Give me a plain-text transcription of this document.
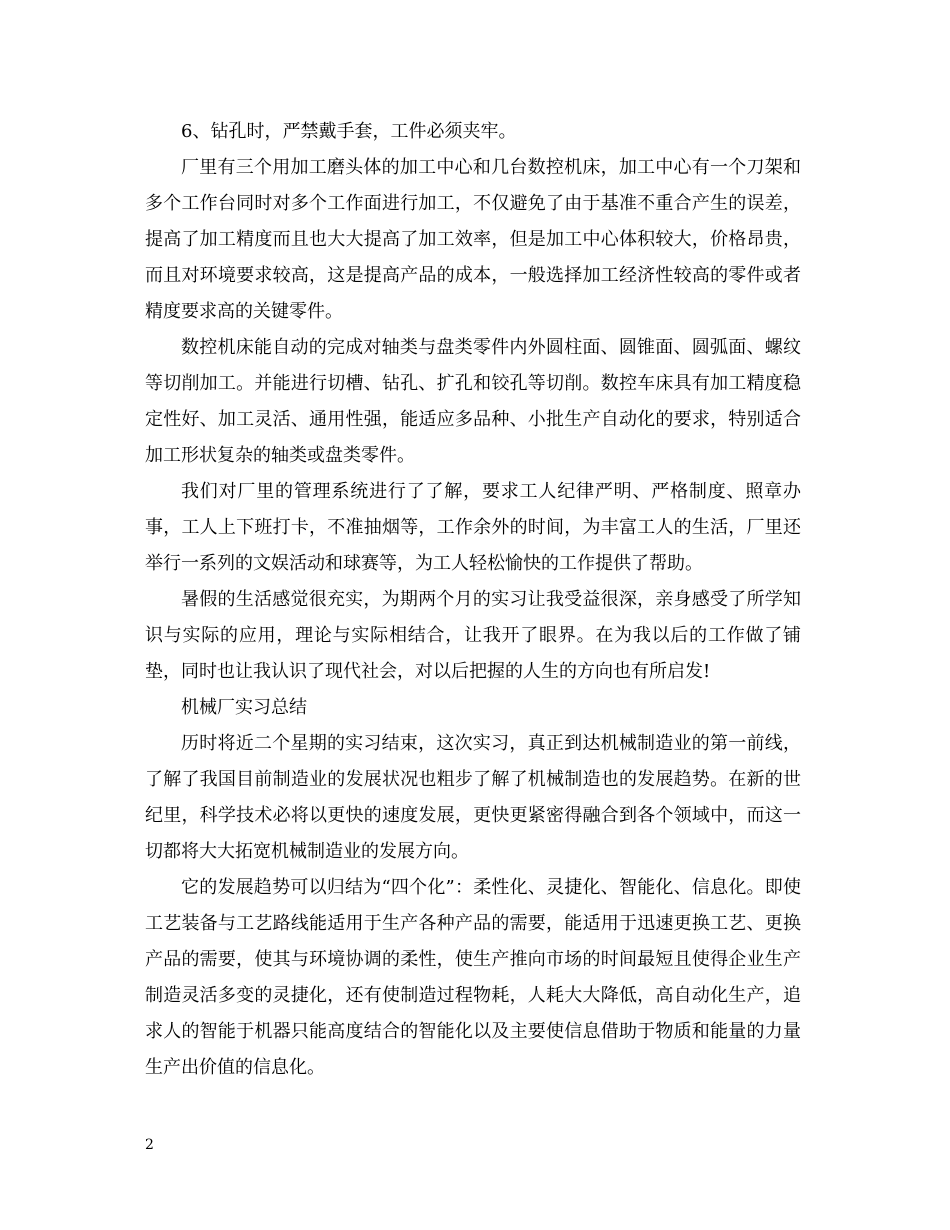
6、钻孔时，严禁戴手套，工件必须夹牢。

厂里有三个用加工磨头体的加工中心和几台数控机床，加工中心有一个刀架和多个工作台同时对多个工作面进行加工，不仅避免了由于基准不重合产生的误差，提高了加工精度而且也大大提高了加工效率，但是加工中心体积较大，价格昂贵，而且对环境要求较高，这是提高产品的成本，一般选择加工经济性较高的零件或者精度要求高的关键零件。

数控机床能自动的完成对轴类与盘类零件内外圆柱面、圆锥面、圆弧面、螺纹等切削加工。并能进行切槽、钻孔、扩孔和铰孔等切削。数控车床具有加工精度稳定性好、加工灵活、通用性强，能适应多品种、小批生产自动化的要求，特别适合加工形状复杂的轴类或盘类零件。

我们对厂里的管理系统进行了了解，要求工人纪律严明、严格制度、照章办事，工人上下班打卡，不准抽烟等，工作余外的时间，为丰富工人的生活，厂里还举行一系列的文娱活动和球赛等，为工人轻松愉快的工作提供了帮助。

暑假的生活感觉很充实，为期两个月的实习让我受益很深，亲身感受了所学知识与实际的应用，理论与实际相结合，让我开了眼界。在为我以后的工作做了铺垫，同时也让我认识了现代社会，对以后把握的人生的方向也有所启发!

机械厂实习总结

历时将近二个星期的实习结束，这次实习，真正到达机械制造业的第一前线，了解了我国目前制造业的发展状况也粗步了解了机械制造也的发展趋势。在新的世纪里，科学技术必将以更快的速度发展，更快更紧密得融合到各个领域中，而这一切都将大大拓宽机械制造业的发展方向。

它的发展趋势可以归结为“四个化”：柔性化、灵捷化、智能化、信息化。即使工艺装备与工艺路线能适用于生产各种产品的需要，能适用于迅速更换工艺、更换产品的需要，使其与环境协调的柔性，使生产推向市场的时间最短且使得企业生产制造灵活多变的灵捷化，还有使制造过程物耗，人耗大大降低，高自动化生产，追求人的智能于机器只能高度结合的智能化以及主要使信息借助于物质和能量的力量生产出价值的信息化。

2
